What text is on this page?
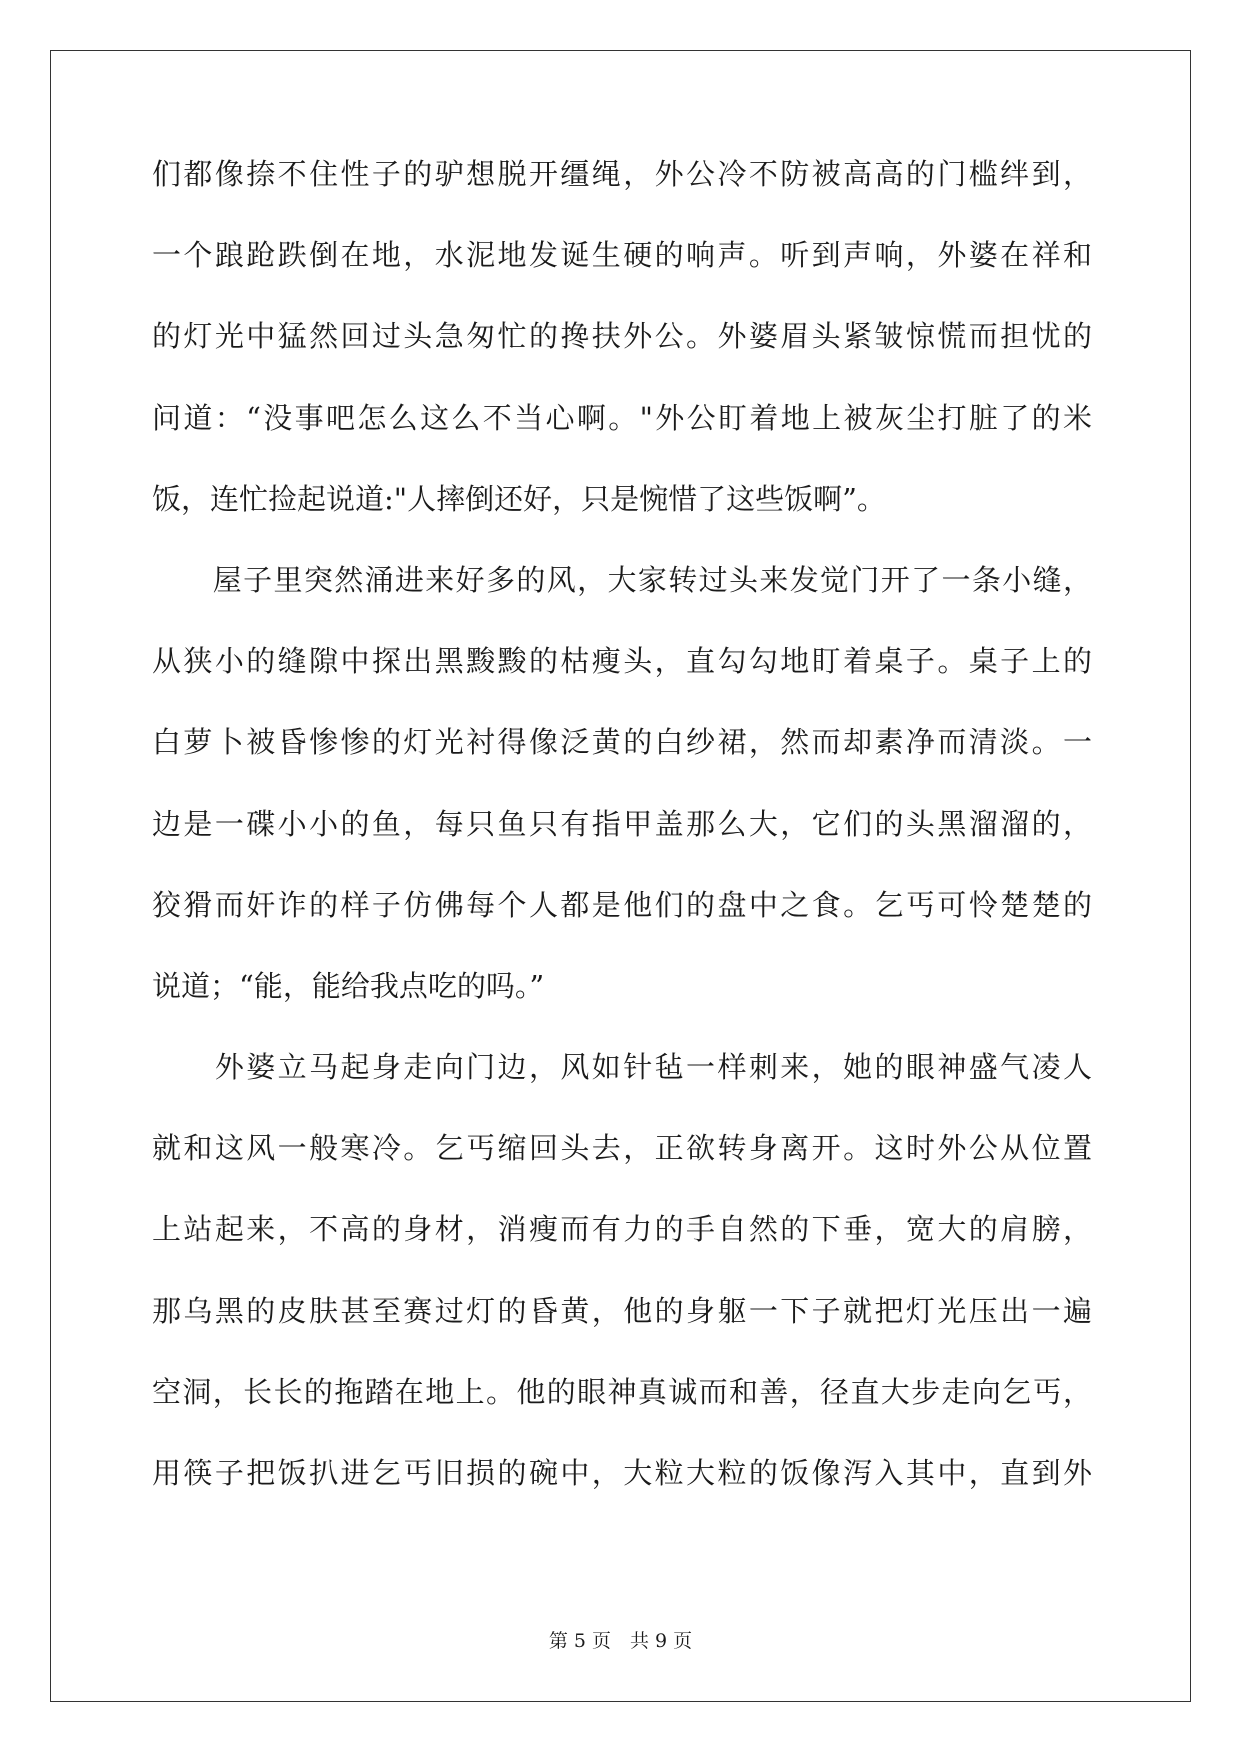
们都像捺不住性子的驴想脱开缰绳，外公冷不防被高高的门槛绊到，
一个踉跄跌倒在地，水泥地发诞生硬的响声。听到声响，外婆在祥和
的灯光中猛然回过头急匆忙的搀扶外公。外婆眉头紧皱惊慌而担忧的
问道：“没事吧怎么这么不当心啊。"外公盯着地上被灰尘打脏了的米
饭，连忙捡起说道:"人摔倒还好，只是惋惜了这些饭啊”。
　　屋子里突然涌进来好多的风，大家转过头来发觉门开了一条小缝，
从狭小的缝隙中探出黑黢黢的枯瘦头，直勾勾地盯着桌子。桌子上的
白萝卜被昏惨惨的灯光衬得像泛黄的白纱裙，然而却素净而清淡。一
边是一碟小小的鱼，每只鱼只有指甲盖那么大，它们的头黑溜溜的，
狡猾而奸诈的样子仿佛每个人都是他们的盘中之食。乞丐可怜楚楚的
说道；“能，能给我点吃的吗。”
　　外婆立马起身走向门边，风如针毡一样刺来，她的眼神盛气凌人
就和这风一般寒冷。乞丐缩回头去，正欲转身离开。这时外公从位置
上站起来，不高的身材，消瘦而有力的手自然的下垂，宽大的肩膀，
那乌黑的皮肤甚至赛过灯的昏黄，他的身躯一下子就把灯光压出一遍
空洞，长长的拖踏在地上。他的眼神真诚而和善，径直大步走向乞丐，
用筷子把饭扒进乞丐旧损的碗中，大粒大粒的饭像泻入其中，直到外
第 5 页　共 9 页
